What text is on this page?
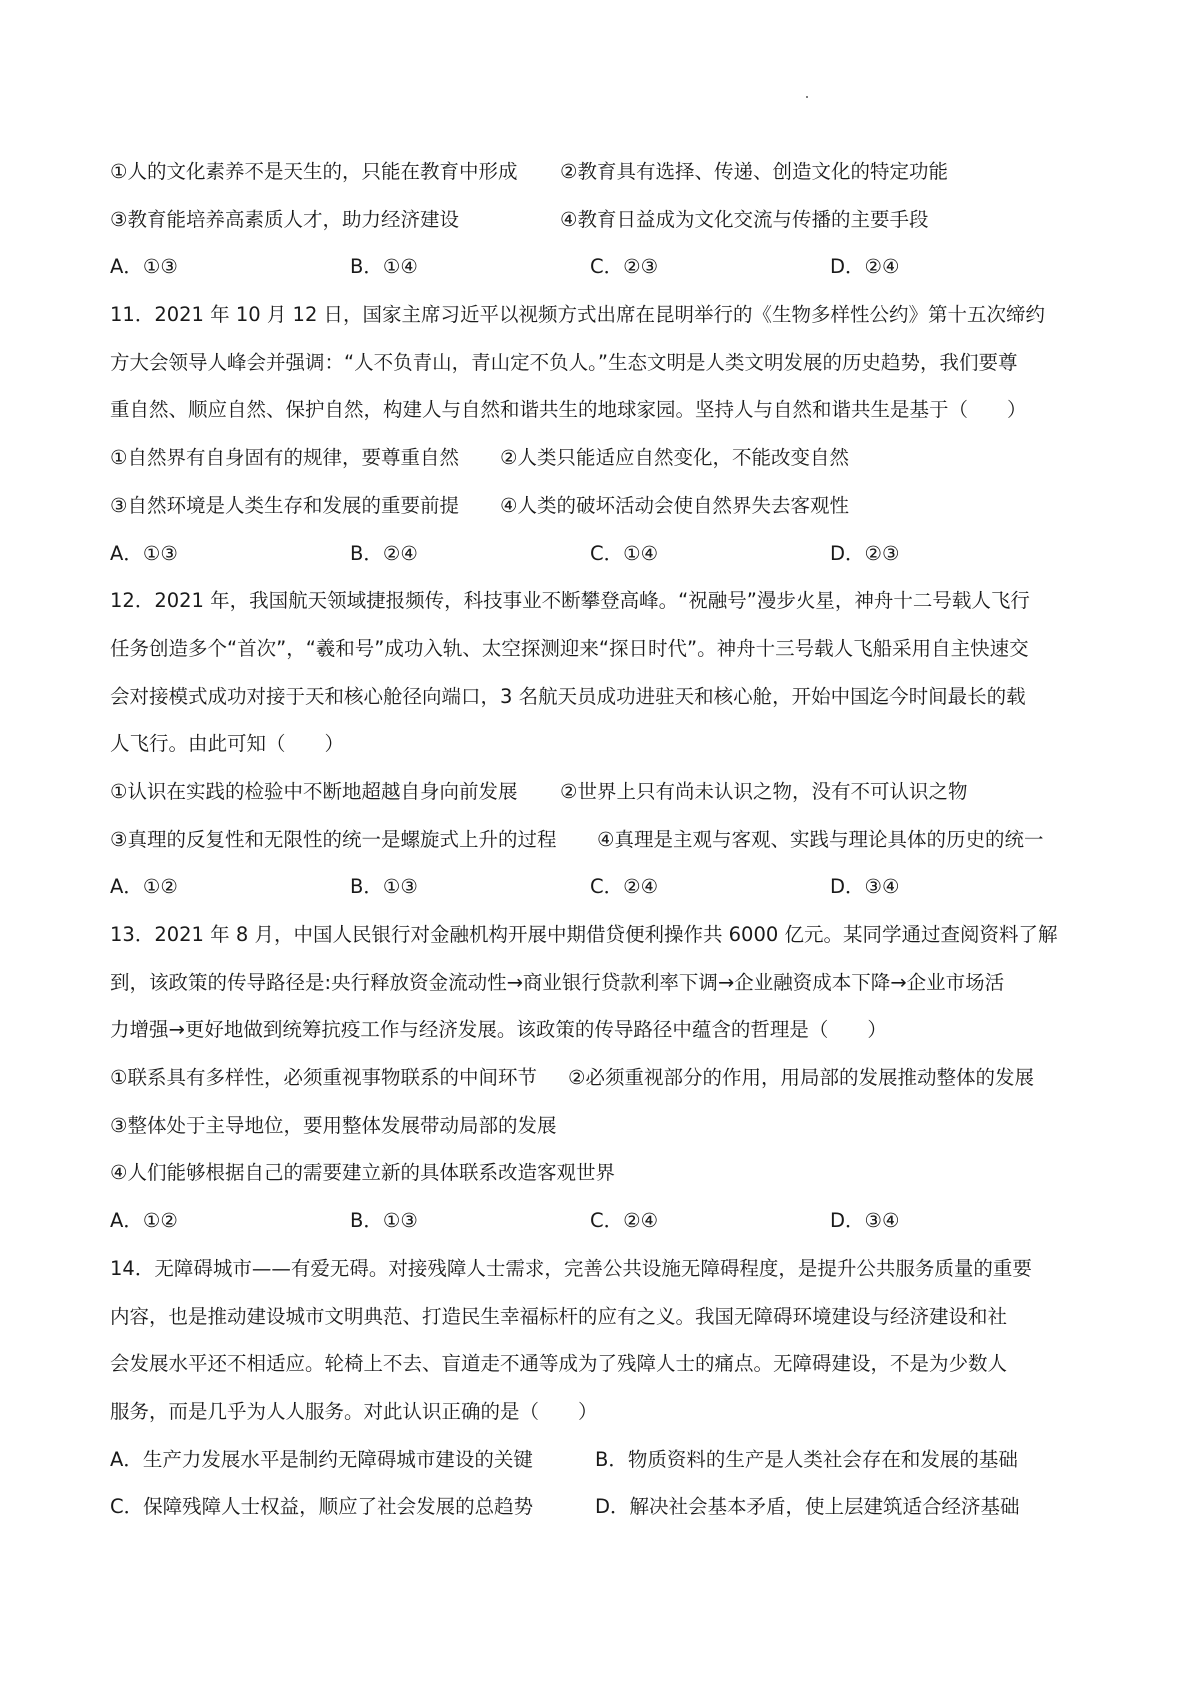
①人的文化素养不是天生的，只能在教育中形成	②教育具有选择、传递、创造文化的特定功能
③教育能培养高素质人才，助力经济建设	④教育日益成为文化交流与传播的主要手段
A．①③	B．①④	C．②③	D．②④
11．2021 年 10 月 12 日，国家主席习近平以视频方式出席在昆明举行的《生物多样性公约》第十五次缔约
方大会领导人峰会并强调：“人不负青山，青山定不负人。”生态文明是人类文明发展的历史趋势，我们要尊
重自然、顺应自然、保护自然，构建人与自然和谐共生的地球家园。坚持人与自然和谐共生是基于（　　）
①自然界有自身固有的规律，要尊重自然	②人类只能适应自然变化，不能改变自然
③自然环境是人类生存和发展的重要前提	④人类的破坏活动会使自然界失去客观性
A．①③	B．②④	C．①④	D．②③
12．2021 年，我国航天领域捷报频传，科技事业不断攀登高峰。“祝融号”漫步火星，神舟十二号载人飞行
任务创造多个“首次”，“羲和号”成功入轨、太空探测迎来“探日时代”。神舟十三号载人飞船采用自主快速交
会对接模式成功对接于天和核心舱径向端口，3 名航天员成功进驻天和核心舱，开始中国迄今时间最长的载
人飞行。由此可知（　　）
①认识在实践的检验中不断地超越自身向前发展	②世界上只有尚未认识之物，没有不可认识之物
③真理的反复性和无限性的统一是螺旋式上升的过程	④真理是主观与客观、实践与理论具体的历史的统一
A．①②	B．①③	C．②④	D．③④
13．2021 年 8 月，中国人民银行对金融机构开展中期借贷便利操作共 6000 亿元。某同学通过查阅资料了解
到，该政策的传导路径是:央行释放资金流动性→商业银行贷款利率下调→企业融资成本下降→企业市场活
力增强→更好地做到统筹抗疫工作与经济发展。该政策的传导路径中蕴含的哲理是（　　）
①联系具有多样性，必须重视事物联系的中间环节	②必须重视部分的作用，用局部的发展推动整体的发展
③整体处于主导地位，要用整体发展带动局部的发展
④人们能够根据自己的需要建立新的具体联系改造客观世界
A．①②	B．①③	C．②④	D．③④
14．无障碍城市——有爱无碍。对接残障人士需求，完善公共设施无障碍程度，是提升公共服务质量的重要
内容，也是推动建设城市文明典范、打造民生幸福标杆的应有之义。我国无障碍环境建设与经济建设和社
会发展水平还不相适应。轮椅上不去、盲道走不通等成为了残障人士的痛点。无障碍建设，不是为少数人
服务，而是几乎为人人服务。对此认识正确的是（　　）
A．生产力发展水平是制约无障碍城市建设的关键	B．物质资料的生产是人类社会存在和发展的基础
C．保障残障人士权益，顺应了社会发展的总趋势	D．解决社会基本矛盾，使上层建筑适合经济基础
